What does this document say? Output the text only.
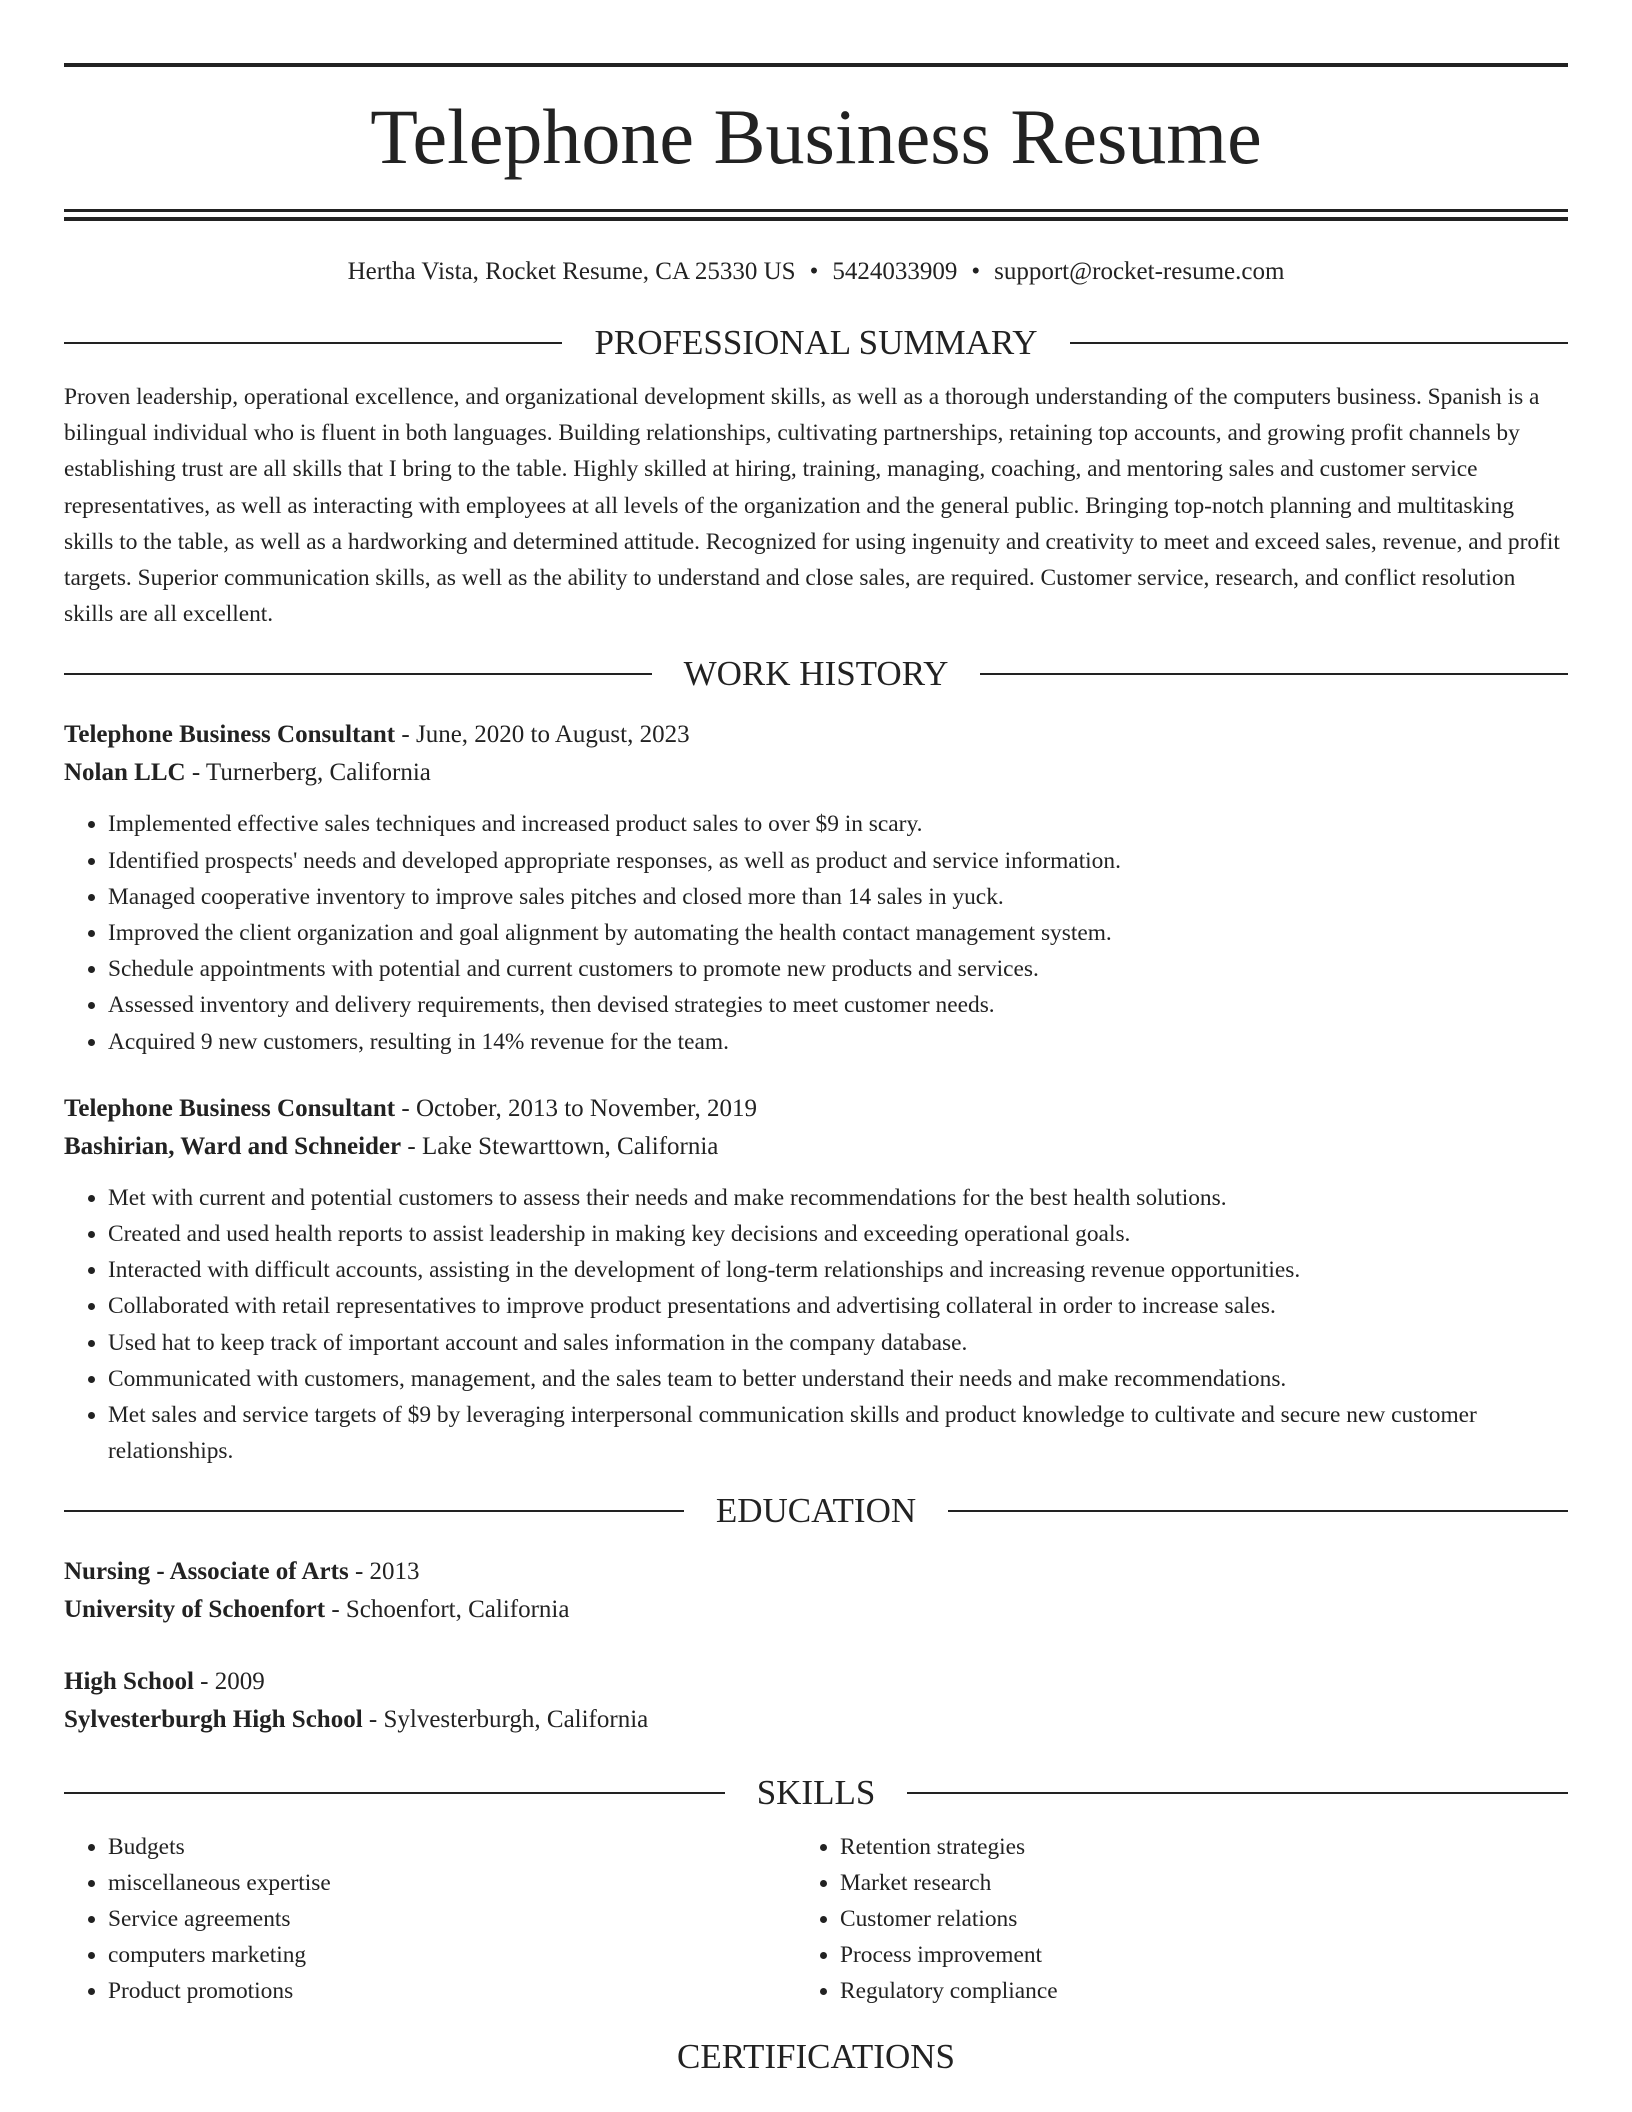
Telephone Business Resume
Hertha Vista, Rocket Resume, CA 25330 US • 5424033909 • support@rocket-resume.com
PROFESSIONAL SUMMARY
Proven leadership, operational excellence, and organizational development skills, as well as a thorough understanding of the computers business. Spanish is a bilingual individual who is fluent in both languages. Building relationships, cultivating partnerships, retaining top accounts, and growing profit channels by establishing trust are all skills that I bring to the table. Highly skilled at hiring, training, managing, coaching, and mentoring sales and customer service representatives, as well as interacting with employees at all levels of the organization and the general public. Bringing top-notch planning and multitasking skills to the table, as well as a hardworking and determined attitude. Recognized for using ingenuity and creativity to meet and exceed sales, revenue, and profit targets. Superior communication skills, as well as the ability to understand and close sales, are required. Customer service, research, and conflict resolution skills are all excellent.
WORK HISTORY
Telephone Business Consultant - June, 2020 to August, 2023
Nolan LLC - Turnerberg, California
• Implemented effective sales techniques and increased product sales to over $9 in scary.
• Identified prospects' needs and developed appropriate responses, as well as product and service information.
• Managed cooperative inventory to improve sales pitches and closed more than 14 sales in yuck.
• Improved the client organization and goal alignment by automating the health contact management system.
• Schedule appointments with potential and current customers to promote new products and services.
• Assessed inventory and delivery requirements, then devised strategies to meet customer needs.
• Acquired 9 new customers, resulting in 14% revenue for the team.
Telephone Business Consultant - October, 2013 to November, 2019
Bashirian, Ward and Schneider - Lake Stewarttown, California
• Met with current and potential customers to assess their needs and make recommendations for the best health solutions.
• Created and used health reports to assist leadership in making key decisions and exceeding operational goals.
• Interacted with difficult accounts, assisting in the development of long-term relationships and increasing revenue opportunities.
• Collaborated with retail representatives to improve product presentations and advertising collateral in order to increase sales.
• Used hat to keep track of important account and sales information in the company database.
• Communicated with customers, management, and the sales team to better understand their needs and make recommendations.
• Met sales and service targets of $9 by leveraging interpersonal communication skills and product knowledge to cultivate and secure new customer relationships.
EDUCATION
Nursing - Associate of Arts - 2013
University of Schoenfort - Schoenfort, California
High School - 2009
Sylvesterburgh High School - Sylvesterburgh, California
SKILLS
• Budgets
• miscellaneous expertise
• Service agreements
• computers marketing
• Product promotions
• Retention strategies
• Market research
• Customer relations
• Process improvement
• Regulatory compliance
CERTIFICATIONS
